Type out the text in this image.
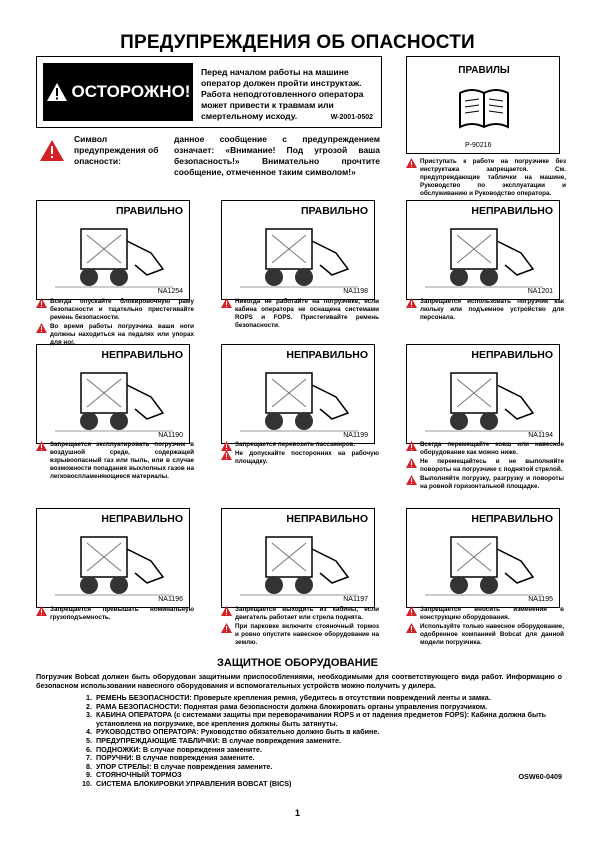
ПРЕДУПРЕЖДЕНИЯ ОБ ОПАСНОСТИ
ОСТОРОЖНО!
Перед началом работы на машине оператор должен пройти инструктаж. Работа неподготовленного оператора может привести к травмам или смертельному исходу.	W-2001-0502
ПРАВИЛЫ
P-90216
Приступать к работе на погрузчике без инструктажа запрещается. См. предупреждающие таблички на машине, Руководство по эксплуатации и обслуживанию и Руководство оператора.
Символ предупреждения об опасности:
данное сообщение с предупреждением означает: «Внимание! Под угрозой ваша безопасность!» Внимательно прочтите сообщение, отмеченное таким символом!»
ПРАВИЛЬНО
NA1254
Всегда опускайте блокировочную раму безопасности и тщательно пристегивайте ремень безопасности.
Во время работы погрузчика ваши ноги должны находиться на педалях или упорах для ног.
ПРАВИЛЬНО
NA1198
Никогда не работайте на погрузчике, если кабина оператора не оснащена системами ROPS и FOPS. Пристегивайте ремень безопасности.
НЕПРАВИЛЬНО
NA1201
Запрещается использовать погрузчик как люльку или подъемное устройство для персонала.
НЕПРАВИЛЬНО
NA1190
Запрещается эксплуатировать погрузчик в воздушной среде, содержащей взрывоопасный газ или пыль, или в случае возможности попадания выхлопных газов на легковоспламеняющиеся материалы.
НЕПРАВИЛЬНО
NA1199
Запрещается перевозить пассажиров.
Не допускайте посторонних на рабочую площадку.
НЕПРАВИЛЬНО
NA1194
Всегда перемещайте ковш или навесное оборудование как можно ниже.
Не перемещайтесь и не выполняйте повороты на погрузчике с поднятой стрелой.
Выполняйте погрузку, разгрузку и повороты на ровной горизонтальной площадке.
НЕПРАВИЛЬНО
NA1196
Запрещается превышать номинальную грузоподъемность.
НЕПРАВИЛЬНО
NA1197
Запрещается выходить из кабины, если двигатель работает или стрела поднята.
При парковке включите стояночный тормоз и ровно опустите навесное оборудование на землю.
НЕПРАВИЛЬНО
NA1195
Запрещается вносить изменения в конструкцию оборудования.
Используйте только навесное оборудование, одобренное компанией Bobcat для данной модели погрузчика.
ЗАЩИТНОЕ ОБОРУДОВАНИЕ
Погрузчик Bobcat должен быть оборудован защитными приспособлениями, необходимыми для соответствующего вида работ. Информацию о безопасном использовании навесного оборудования и вспомогательных устройств можно получить у дилера.
1. РЕМЕНЬ БЕЗОПАСНОСТИ: Проверьте крепления ремня, убедитесь в отсутствии повреждений ленты и замка.
2. РАМА БЕЗОПАСНОСТИ: Поднятая рама безопасности должна блокировать органы управления погрузчиком.
3. КАБИНА ОПЕРАТОРА (с системами защиты при переворачивании ROPS и от падения предметов FOPS): Кабина должна быть установлена на погрузчике, все крепления должны быть затянуты.
4. РУКОВОДСТВО ОПЕРАТОРА: Руководство обязательно должно быть в кабине.
5. ПРЕДУПРЕЖДАЮЩИЕ ТАБЛИЧКИ: В случае повреждения замените.
6. ПОДНОЖКИ: В случае повреждения замените.
7. ПОРУЧНИ: В случае повреждения замените.
8. УПОР СТРЕЛЫ: В случае повреждения замените.
9. СТОЯНОЧНЫЙ ТОРМОЗ
10. СИСТЕМА БЛОКИРОВКИ УПРАВЛЕНИЯ BOBCAT (BICS)
OSW60-0409
1
